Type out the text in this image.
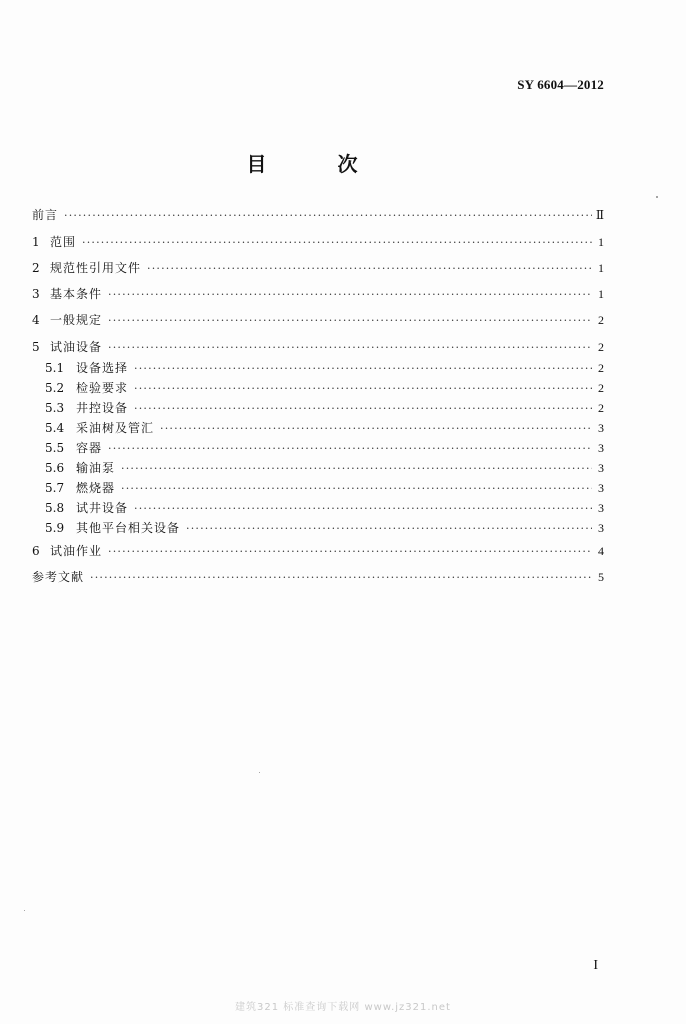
SY 6604—2012
目 次
前言 ·····	Ⅱ
1 范围 ·····	1
2 规范性引用文件 ·····	1
3 基本条件 ·····	1
4 一般规定 ·····	2
5 试油设备 ·····	2
5.1 设备选择 ·····	2
5.2 检验要求 ·····	2
5.3 井控设备 ·····	2
5.4 采油树及管汇 ·····	3
5.5 容器 ·····	3
5.6 输油泵 ·····	3
5.7 燃烧器 ·····	3
5.8 试井设备 ·····	3
5.9 其他平台相关设备 ·····	3
6 试油作业 ·····	4
参考文献 ·····	5
I
建筑321 标准查询下载网 www.jz321.net
